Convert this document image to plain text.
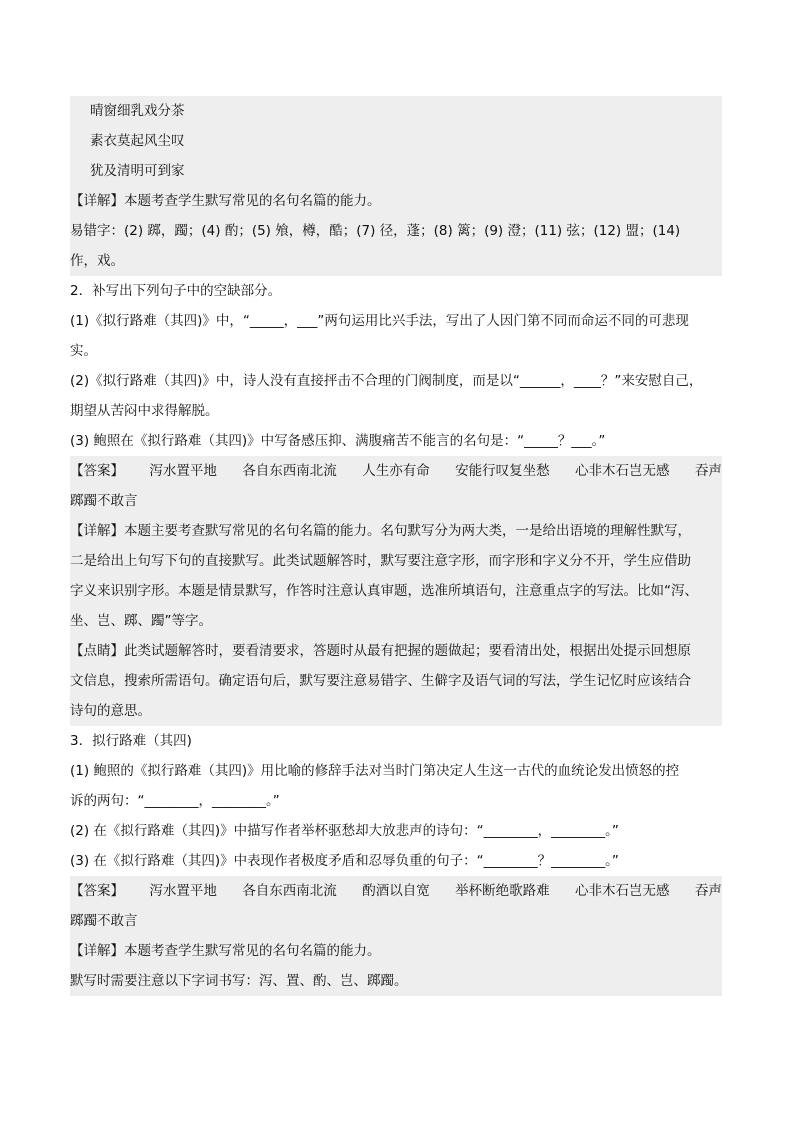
晴窗细乳戏分茶
素衣莫起风尘叹
犹及清明可到家
【详解】本题考查学生默写常见的名句名篇的能力。
易错字：(2) 踯，躅；(4) 酌；(5) 飧，樽，酷；(7) 径，蓬；(8) 篱；(9) 澄；(11) 弦；(12) 盟；(14)
作，戏。
2．补写出下列句子中的空缺部分。
(1)《拟行路难（其四)》中，“_____，___”两句运用比兴手法，写出了人因门第不同而命运不同的可悲现
实。
(2)《拟行路难（其四)》中，诗人没有直接抨击不合理的门阀制度，而是以“______，____？”来安慰自己，
期望从苦闷中求得解脱。
(3) 鲍照在《拟行路难（其四)》中写备感压抑、满腹痛苦不能言的名句是：“_____？___。”
【答案】 泻水置平地 各自东西南北流 人生亦有命 安能行叹复坐愁 心非木石岂无感 吞声
踯躅不敢言
【详解】本题主要考查默写常见的名句名篇的能力。名句默写分为两大类，一是给出语境的理解性默写，
二是给出上句写下句的直接默写。此类试题解答时，默写要注意字形，而字形和字义分不开，学生应借助
字义来识别字形。本题是情景默写，作答时注意认真审题，选准所填语句，注意重点字的写法。比如“泻、
坐、岂、踯、躅”等字。
【点睛】此类试题解答时，要看清要求，答题时从最有把握的题做起；要看清出处，根据出处提示回想原
文信息，搜索所需语句。确定语句后，默写要注意易错字、生僻字及语气词的写法，学生记忆时应该结合
诗句的意思。
3．拟行路难（其四)
(1) 鲍照的《拟行路难（其四)》用比喻的修辞手法对当时门第决定人生这一古代的血统论发出愤怒的控
诉的两句：“________，________。”
(2) 在《拟行路难（其四)》中描写作者举杯驱愁却大放悲声的诗句：“________，________。”
(3) 在《拟行路难（其四)》中表现作者极度矛盾和忍辱负重的句子：“________？________。”
【答案】 泻水置平地 各自东西南北流 酌酒以自宽 举杯断绝歌路难 心非木石岂无感 吞声
踯躅不敢言
【详解】本题考查学生默写常见的名句名篇的能力。
默写时需要注意以下字词书写：泻、置、酌、岂、踯躅。
